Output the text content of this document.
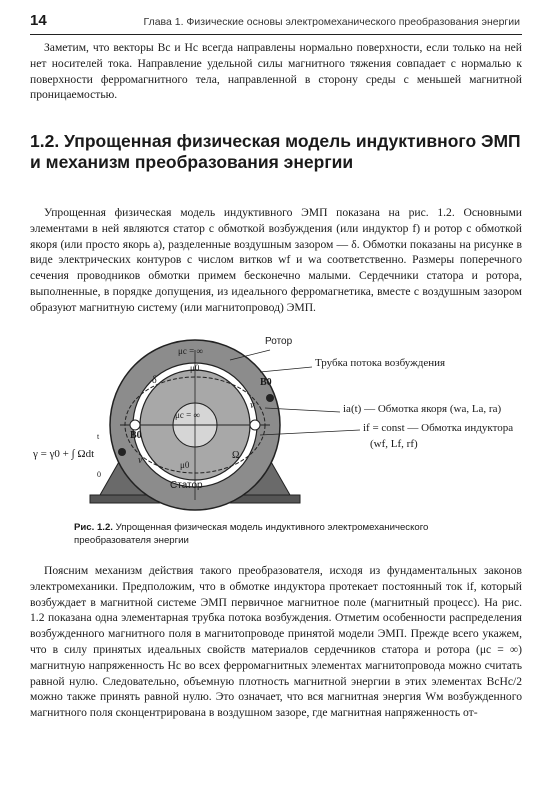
14	Глава 1. Физические основы электромеханического преобразования энергии

Заметим, что векторы Bс и Hс всегда направлены нормально поверхности, если только на ней нет носителей тока. Направление удельной силы магнитного тяжения совпадает с нормалью к поверхности ферромагнитного тела, направленной в сторону среды с меньшей магнитной проницаемостью.

1.2. Упрощенная физическая модель индуктивного ЭМП и механизм преобразования энергии

Упрощенная физическая модель индуктивного ЭМП показана на рис. 1.2. Основными элементами в ней являются статор с обмоткой возбуждения (или индуктор f) и ротор с обмоткой якоря (или просто якорь a), разделенные воздушным зазором — δ. Обмотки показаны на рисунке в виде электрических контуров с числом витков wf и wa соответственно. Размеры поперечного сечения проводников обмотки примем бесконечно малыми. Сердечники статора и ротора, выполненные, в порядке допущения, из идеального ферромагнетика, вместе с воздушным зазором образуют магнитную систему (или магнитопровод) ЭМП.

Ротор
Трубка потока возбуждения
ia(t) — Обмотка якоря (wa, La, ra)
if = const — Обмотка индуктора
(wf, Lf, rf)
Статор
γ = γ0 + ∫ Ωdt
t
0
μс = ∞
μ0
μс = ∞
μ0
δ
Ω
B0
B0
v
v

Рис. 1.2. Упрощенная физическая модель индуктивного электромеханического преобразователя энергии

Поясним механизм действия такого преобразователя, исходя из фундаментальных законов электромеханики. Предположим, что в обмотке индуктора протекает постоянный ток if, который возбуждает в магнитной системе ЭМП первичное магнитное поле (магнитный процесс). На рис. 1.2 показана одна элементарная трубка потока возбуждения. Отметим особенности распределения возбужденного магнитного поля в магнитопроводе принятой модели ЭМП. Прежде всего укажем, что в силу принятых идеальных свойств материалов сердечников статора и ротора (μс = ∞) магнитную напряженность Hс во всех ферромагнитных элементах магнитопровода можно считать равной нулю. Следовательно, объемную плотность магнитной энергии в этих элементах BсHс/2 можно также принять равной нулю. Это означает, что вся магнитная энергия Wм возбужденного магнитного поля сконцентрирована в воздушном зазоре, где магнитная напряженность от-
